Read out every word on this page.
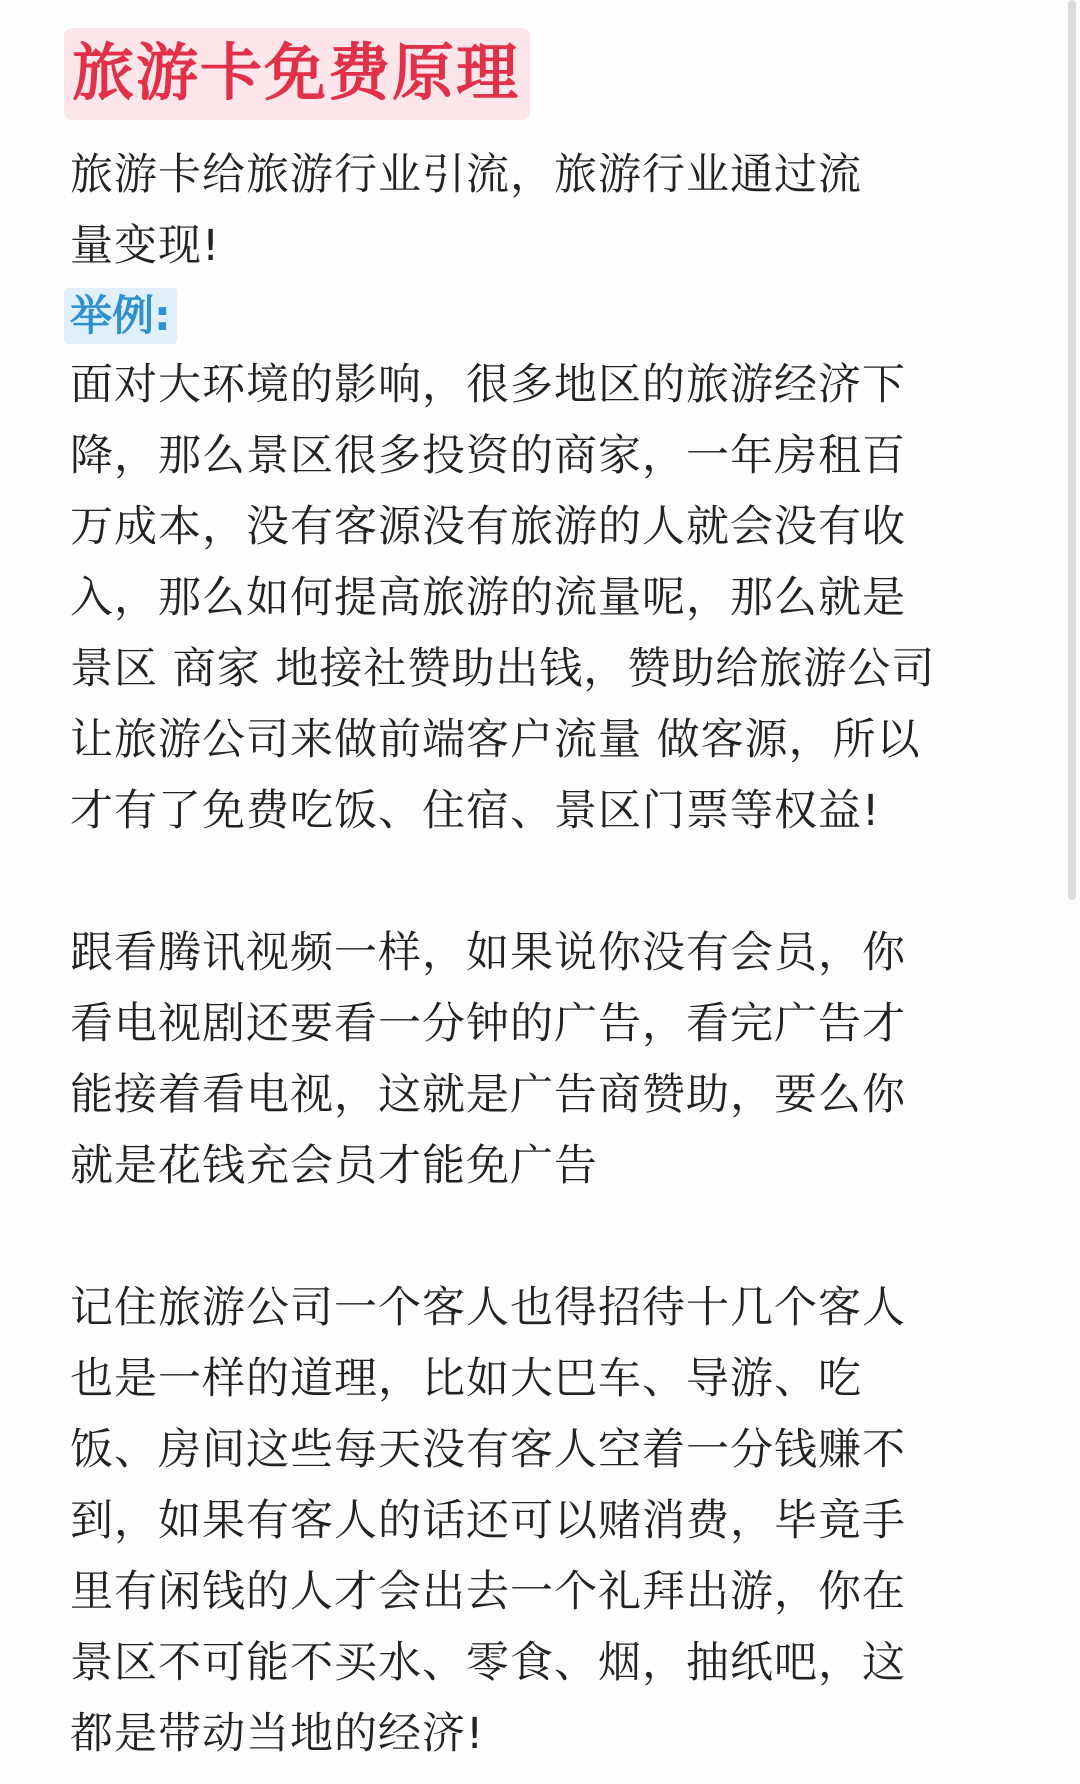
旅游卡免费原理

旅游卡给旅游行业引流，旅游行业通过流
量变现!

举例:

面对大环境的影响，很多地区的旅游经济下
降，那么景区很多投资的商家，一年房租百
万成本，没有客源没有旅游的人就会没有收
入，那么如何提高旅游的流量呢，那么就是
景区 商家 地接社赞助出钱，赞助给旅游公司
让旅游公司来做前端客户流量 做客源，所以
才有了免费吃饭、住宿、景区门票等权益!

跟看腾讯视频一样，如果说你没有会员，你
看电视剧还要看一分钟的广告，看完广告才
能接着看电视，这就是广告商赞助，要么你
就是花钱充会员才能免广告

记住旅游公司一个客人也得招待十几个客人
也是一样的道理，比如大巴车、导游、吃
饭、房间这些每天没有客人空着一分钱赚不
到，如果有客人的话还可以赌消费，毕竟手
里有闲钱的人才会出去一个礼拜出游，你在
景区不可能不买水、零食、烟，抽纸吧，这
都是带动当地的经济!
